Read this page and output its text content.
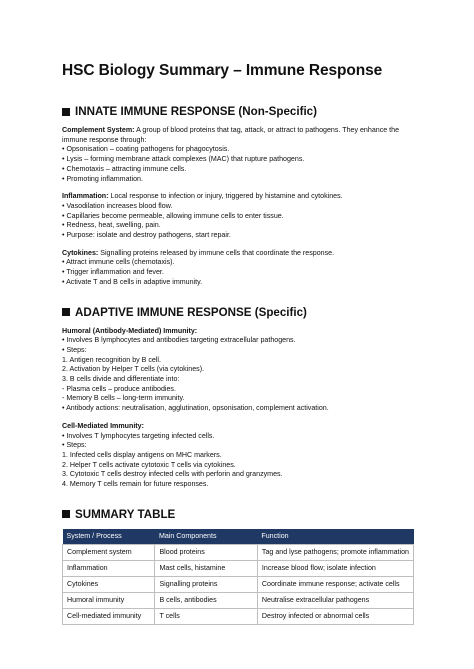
HSC Biology Summary – Immune Response
INNATE IMMUNE RESPONSE (Non-Specific)
Complement System: A group of blood proteins that tag, attack, or attract to pathogens. They enhance the immune response through:
• Opsonisation – coating pathogens for phagocytosis.
• Lysis – forming membrane attack complexes (MAC) that rupture pathogens.
• Chemotaxis – attracting immune cells.
• Promoting inflammation.
Inflammation: Local response to infection or injury, triggered by histamine and cytokines.
• Vasodilation increases blood flow.
• Capillaries become permeable, allowing immune cells to enter tissue.
• Redness, heat, swelling, pain.
• Purpose: isolate and destroy pathogens, start repair.
Cytokines: Signalling proteins released by immune cells that coordinate the response.
• Attract immune cells (chemotaxis).
• Trigger inflammation and fever.
• Activate T and B cells in adaptive immunity.
ADAPTIVE IMMUNE RESPONSE (Specific)
Humoral (Antibody-Mediated) Immunity:
• Involves B lymphocytes and antibodies targeting extracellular pathogens.
• Steps:
1. Antigen recognition by B cell.
2. Activation by Helper T cells (via cytokines).
3. B cells divide and differentiate into:
- Plasma cells – produce antibodies.
- Memory B cells – long-term immunity.
• Antibody actions: neutralisation, agglutination, opsonisation, complement activation.
Cell-Mediated Immunity:
• Involves T lymphocytes targeting infected cells.
• Steps:
1. Infected cells display antigens on MHC markers.
2. Helper T cells activate cytotoxic T cells via cytokines.
3. Cytotoxic T cells destroy infected cells with perforin and granzymes.
4. Memory T cells remain for future responses.
SUMMARY TABLE
System / Process	Main Components	Function
Complement system	Blood proteins	Tag and lyse pathogens; promote inflammation
Inflammation	Mast cells, histamine	Increase blood flow; isolate infection
Cytokines	Signalling proteins	Coordinate immune response; activate cells
Humoral immunity	B cells, antibodies	Neutralise extracellular pathogens
Cell-mediated immunity	T cells	Destroy infected or abnormal cells
